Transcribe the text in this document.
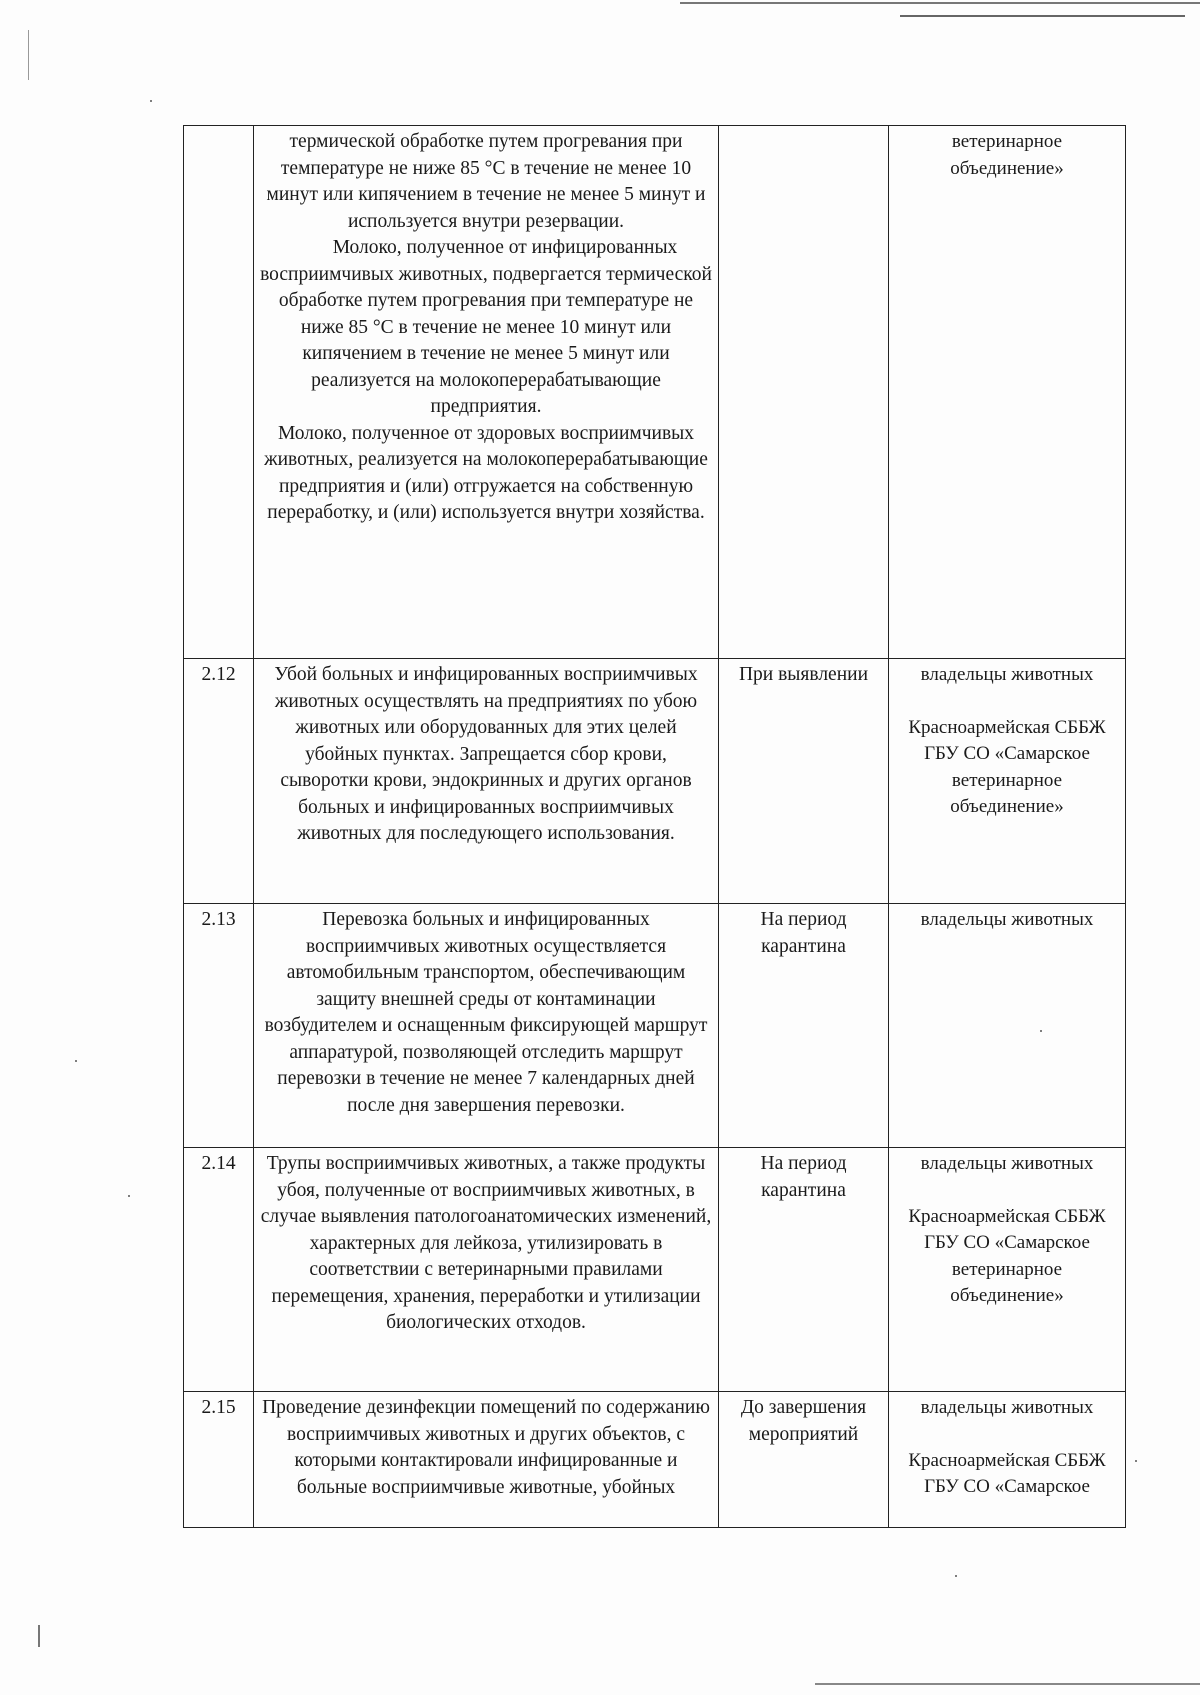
	термической обработке путем прогревания при температуре не ниже 85 °С в течение не менее 10 минут или кипячением в течение не менее 5 минут и используется внутри резервации.
Молоко, полученное от инфицированных восприимчивых животных, подвергается термической обработке путем прогревания при температуре не ниже 85 °С в течение не менее 10 минут или кипячением в течение не менее 5 минут или реализуется на молокоперерабатывающие предприятия.
Молоко, полученное от здоровых восприимчивых животных, реализуется на молокоперерабатывающие предприятия и (или) отгружается на собственную переработку, и (или) используется внутри хозяйства.		ветеринарное объединение»

2.12	Убой больных и инфицированных восприимчивых животных осуществлять на предприятиях по убою животных или оборудованных для этих целей убойных пунктах. Запрещается сбор крови, сыворотки крови, эндокринных и других органов больных и инфицированных восприимчивых животных для последующего использования.	При выявлении	владельцы животных
Красноармейская СББЖ ГБУ СО «Самарское ветеринарное объединение»

2.13	Перевозка больных и инфицированных восприимчивых животных осуществляется автомобильным транспортом, обеспечивающим защиту внешней среды от контаминации возбудителем и оснащенным фиксирующей маршрут аппаратурой, позволяющей отследить маршрут перевозки в течение не менее 7 календарных дней после дня завершения перевозки.	На период карантина	владельцы животных

2.14	Трупы восприимчивых животных, а также продукты убоя, полученные от восприимчивых животных, в случае выявления патологоанатомических изменений, характерных для лейкоза, утилизировать в соответствии с ветеринарными правилами перемещения, хранения, переработки и утилизации биологических отходов.	На период карантина	владельцы животных
Красноармейская СББЖ ГБУ СО «Самарское ветеринарное объединение»

2.15	Проведение дезинфекции помещений по содержанию восприимчивых животных и других объектов, с которыми контактировали инфицированные и больные восприимчивые животные, убойных	До завершения мероприятий	владельцы животных
Красноармейская СББЖ ГБУ СО «Самарское
